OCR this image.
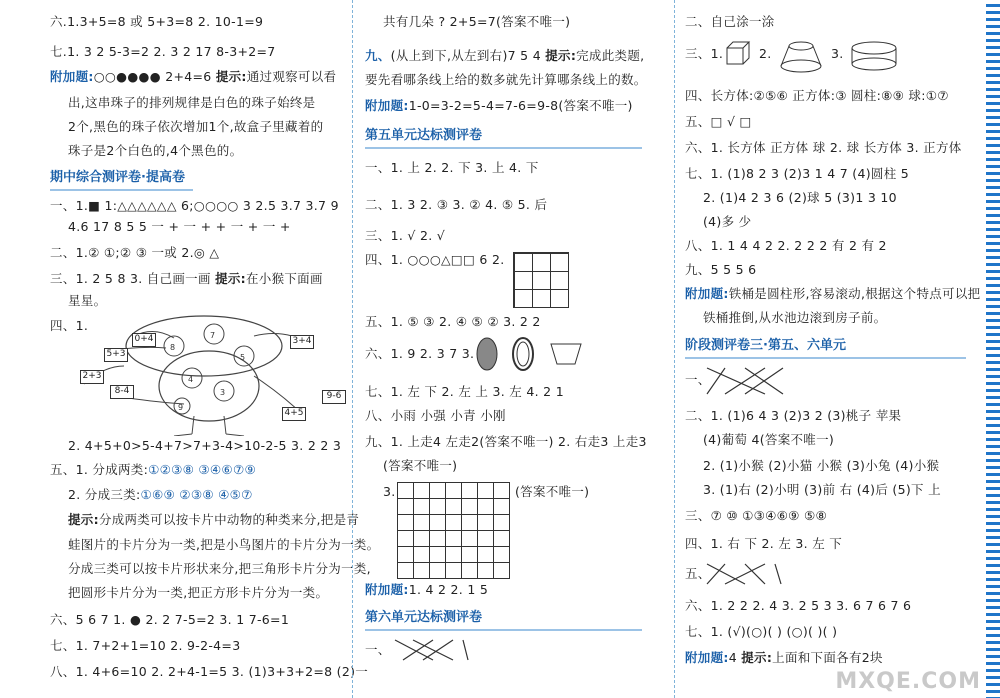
六.1.3+5=8 或 5+3=8 2. 10-1=9
七.1. 3 2 5-3=2 2. 3 2 17 8-3+2=7
附加题:○○●●●● 2+4=6 提示:通过观察可以看
出,这串珠子的排列规律是白色的珠子始终是
2个,黑色的珠子依次增加1个,故盒子里藏着的
珠子是2个白色的,4个黑色的。
期中综合测评卷·提高卷
一、1.■ 1:△△△△△△ 6;○○○○ 3 2.5 3.7 3.7 9
4.6 17 8 5 5 一 + 一 + + 一 + 一 +
二、1.② ①;② ③ 一或 2.◎ △
三、1. 2 5 8 3. 自己画一画 提示:在小猴下面画
星星。
四、1.
8
7
5
4
3
9
5+3
0+4	3+4
2+3
8-4
4+5
9-6
2. 4+5+0>5-4+7>7+3-4>10-2-5 3. 2 2 3
五、1. 分成两类:①②③⑧ ③④⑥⑦⑨
2. 分成三类:①⑥⑨ ②③⑧ ④⑤⑦
提示:分成两类可以按卡片中动物的种类来分,把是青
蛙图片的卡片分为一类,把是小鸟图片的卡片分为一类。
分成三类可以按卡片形状来分,把三角形卡片分为一类,
把圆形卡片分为一类,把正方形卡片分为一类。
六、5 6 7 1. ● 2. 2 7-5=2 3. 1 7-6=1
七、1. 7+2+1=10 2. 9-2-4=3
八、1. 4+6=10 2. 2+4-1=5 3. (1)3+3+2=8 (2)一
共有几朵 ? 2+5=7(答案不唯一)
九、(从上到下,从左到右)7 5 4 提示:完成此类题,
要先看哪条线上给的数多就先计算哪条线上的数。
附加题:1-0=3-2=5-4=7-6=9-8(答案不唯一)
第五单元达标测评卷
一、1. 上 2. 2. 下 3. 上 4. 下
二、1. 3 2. ③ 3. ② 4. ⑤ 5. 后
三、1. √ 2. √
四、1. ○○○△□□ 6 2.
五、1. ⑤ ③ 2. ④ ⑤ ② 3. 2 2
六、1. 9 2. 3 7 3.
七、1. 左 下 2. 左 上 3. 左 4. 2 1
八、小雨 小强 小青 小刚
九、1. 上走4 左走2(答案不唯一) 2. 右走3 上走3
(答案不唯一)
3.	(答案不唯一)
附加题:1. 4 2 2. 1 5
第六单元达标测评卷
一、
二、自己涂一涂
三、1.	2.	3.
四、长方体:②⑤⑥ 正方体:③ 圆柱:⑧⑨ 球:①⑦
五、□ √ □
六、1. 长方体 正方体 球 2. 球 长方体 3. 正方体
七、1. (1)8 2 3 (2)3 1 4 7 (4)圆柱 5
2. (1)4 2 3 6 (2)球 5 (3)1 3 10
(4)多 少
八、1. 1 4 4 2 2. 2 2 2 有 2 有 2
九、5 5 5 6
附加题:铁桶是圆柱形,容易滚动,根据这个特点可以把
铁桶推倒,从水池边滚到房子前。
阶段测评卷三·第五、六单元
一、
二、1. (1)6 4 3 (2)3 2 (3)桃子 苹果
(4)葡萄 4(答案不唯一)
2. (1)小猴 (2)小猫 小猴 (3)小兔 (4)小猴
3. (1)右 (2)小明 (3)前 右 (4)后 (5)下 上
三、⑦ ⑩ ①③④⑥⑨ ⑤⑧
四、1. 右 下 2. 左 3. 左 下
五、
六、1. 2 2 2. 4 3. 2 5 3 3. 6 7 6 7 6
七、1. (√)(○)( ) (○)( )( )
附加题:4 提示:上面和下面各有2块
MXQE.COM
